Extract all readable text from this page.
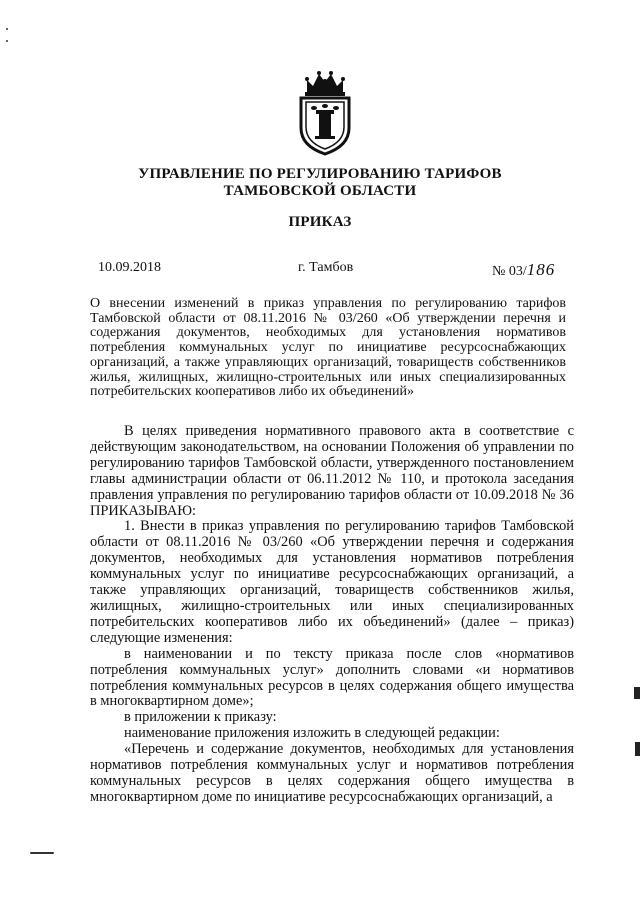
УПРАВЛЕНИЕ ПО РЕГУЛИРОВАНИЮ ТАРИФОВ
ТАМБОВСКОЙ ОБЛАСТИ
ПРИКАЗ
10.09.2018	г. Тамбов	№ 03/186
О внесении изменений в приказ управления по регулированию тарифов Тамбовской области от 08.11.2016 № 03/260 «Об утверждении перечня и содержания документов, необходимых для установления нормативов потребления коммунальных услуг по инициативе ресурсоснабжающих организаций, а также управляющих организаций, товариществ собственников жилья, жилищных, жилищно-строительных или иных специализированных потребительских кооперативов либо их объединений»

В целях приведения нормативного правового акта в соответствие с действующим законодательством, на основании Положения об управлении по регулированию тарифов Тамбовской области, утвержденного постановлением главы администрации области от 06.11.2012 № 110, и протокола заседания правления управления по регулированию тарифов области от 10.09.2018 № 36 ПРИКАЗЫВАЮ:

1. Внести в приказ управления по регулированию тарифов Тамбовской области от 08.11.2016 № 03/260 «Об утверждении перечня и содержания документов, необходимых для установления нормативов потребления коммунальных услуг по инициативе ресурсоснабжающих организаций, а также управляющих организаций, товариществ собственников жилья, жилищных, жилищно-строительных или иных специализированных потребительских кооперативов либо их объединений» (далее – приказ) следующие изменения:

в наименовании и по тексту приказа после слов «нормативов потребления коммунальных услуг» дополнить словами «и нормативов потребления коммунальных ресурсов в целях содержания общего имущества в многоквартирном доме»;

в приложении к приказу:

наименование приложения изложить в следующей редакции:

«Перечень и содержание документов, необходимых для установления нормативов потребления коммунальных услуг и нормативов потребления коммунальных ресурсов в целях содержания общего имущества в многоквартирном доме по инициативе ресурсоснабжающих организаций, а
